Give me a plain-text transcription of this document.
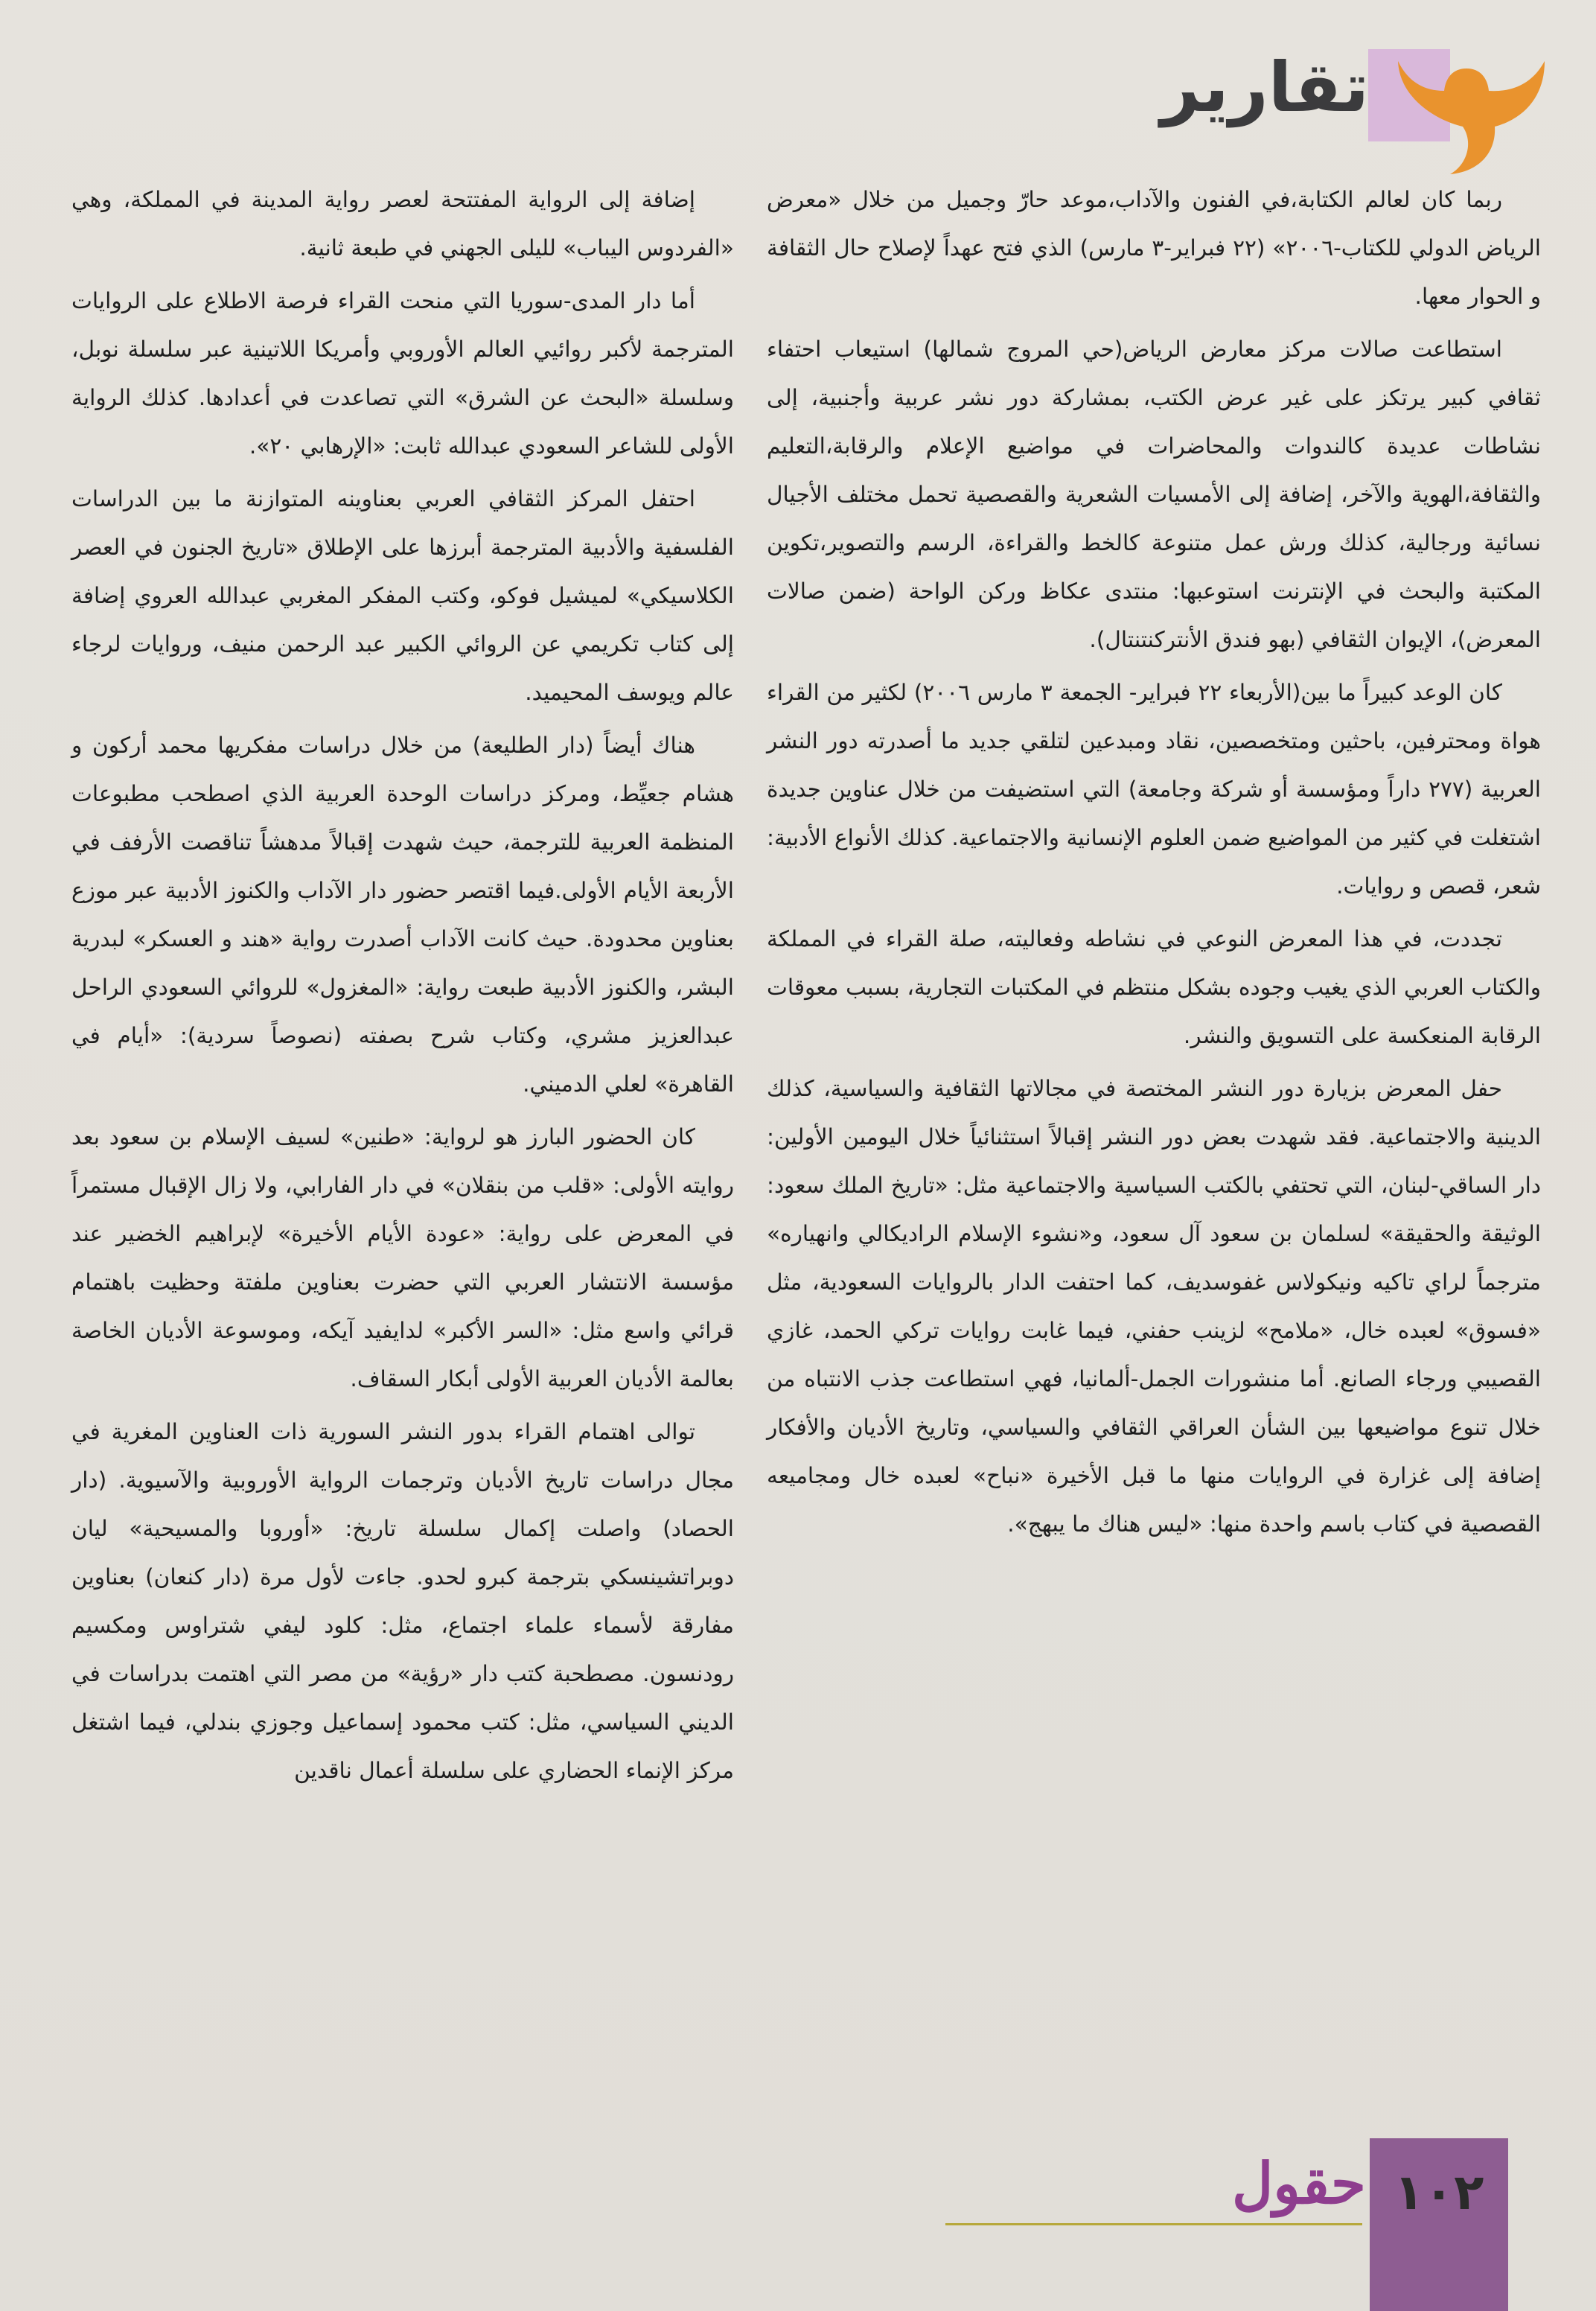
تقارير

ربما كان لعالم الكتابة،في الفنون والآداب،موعد حارّ وجميل من خلال «معرض الرياض الدولي للكتاب-٢٠٠٦» (٢٢ فبراير-٣ مارس) الذي فتح عهداً لإصلاح حال الثقافة و الحوار معها.

استطاعت صالات مركز معارض الرياض(حي المروج شمالها) استيعاب احتفاء ثقافي كبير يرتكز على غير عرض الكتب، بمشاركة دور نشر عربية وأجنبية، إلى نشاطات عديدة كالندوات والمحاضرات في مواضيع الإعلام والرقابة،التعليم والثقافة،الهوية والآخر، إضافة إلى الأمسيات الشعرية والقصصية تحمل مختلف الأجيال نسائية ورجالية، كذلك ورش عمل متنوعة كالخط والقراءة، الرسم والتصوير،تكوين المكتبة والبحث في الإنترنت استوعبها: منتدى عكاظ وركن الواحة (ضمن صالات المعرض)، الإيوان الثقافي (بهو فندق الأنتركنتنتال).

كان الوعد كبيراً ما بين(الأربعاء ٢٢ فبراير- الجمعة ٣ مارس ٢٠٠٦) لكثير من القراء هواة ومحترفين، باحثين ومتخصصين، نقاد ومبدعين لتلقي جديد ما أصدرته دور النشر العربية (٢٧٧ داراً ومؤسسة أو شركة وجامعة) التي استضيفت من خلال عناوين جديدة اشتغلت في كثير من المواضيع ضمن العلوم الإنسانية والاجتماعية. كذلك الأنواع الأدبية: شعر، قصص و روايات.

تجددت، في هذا المعرض النوعي في نشاطه وفعاليته، صلة القراء في المملكة والكتاب العربي الذي يغيب وجوده بشكل منتظم في المكتبات التجارية، بسبب معوقات الرقابة المنعكسة على التسويق والنشر.

حفل المعرض بزيارة دور النشر المختصة في مجالاتها الثقافية والسياسية، كذلك الدينية والاجتماعية. فقد شهدت بعض دور النشر إقبالاً استثنائياً خلال اليومين الأولين: دار الساقي-لبنان، التي تحتفي بالكتب السياسية والاجتماعية مثل: «تاريخ الملك سعود: الوثيقة والحقيقة» لسلمان بن سعود آل سعود، و«نشوء الإسلام الراديكالي وانهياره» مترجماً لراي تاكيه ونيكولاس غفوسديف، كما احتفت الدار بالروايات السعودية، مثل «فسوق» لعبده خال، «ملامح» لزينب حفني، فيما غابت روايات تركي الحمد، غازي القصيبي ورجاء الصانع. أما منشورات الجمل-ألمانيا، فهي استطاعت جذب الانتباه من خلال تنوع مواضيعها بين الشأن العراقي الثقافي والسياسي، وتاريخ الأديان والأفكار إضافة إلى غزارة في الروايات منها ما قبل الأخيرة «نباح» لعبده خال ومجاميعه القصصية في كتاب باسم واحدة منها: «ليس هناك ما يبهج».

إضافة إلى الرواية المفتتحة لعصر رواية المدينة في المملكة، وهي «الفردوس اليباب» لليلى الجهني في طبعة ثانية.

أما دار المدى-سوريا التي منحت القراء فرصة الاطلاع على الروايات المترجمة لأكبر روائيي العالم الأوروبي وأمريكا اللاتينية عبر سلسلة نوبل، وسلسلة «البحث عن الشرق» التي تصاعدت في أعدادها. كذلك الرواية الأولى للشاعر السعودي عبدالله ثابت: «الإرهابي ٢٠».

احتفل المركز الثقافي العربي بعناوينه المتوازنة ما بين الدراسات الفلسفية والأدبية المترجمة أبرزها على الإطلاق «تاريخ الجنون في العصر الكلاسيكي» لميشيل فوكو، وكتب المفكر المغربي عبدالله العروي إضافة إلى كتاب تكريمي عن الروائي الكبير عبد الرحمن منيف، وروايات لرجاء عالم ويوسف المحيميد.

هناك أيضاً (دار الطليعة) من خلال دراسات مفكريها محمد أركون و هشام جعيِّط، ومركز دراسات الوحدة العربية الذي اصطحب مطبوعات المنظمة العربية للترجمة، حيث شهدت إقبالاً مدهشاً تناقصت الأرفف في الأربعة الأيام الأولى.فيما اقتصر حضور دار الآداب والكنوز الأدبية عبر موزع بعناوين محدودة. حيث كانت الآداب أصدرت رواية «هند و العسكر» لبدرية البشر، والكنوز الأدبية طبعت رواية: «المغزول» للروائي السعودي الراحل عبدالعزيز مشري، وكتاب شرح بصفته (نصوصاً سردية): «أيام في القاهرة» لعلي الدميني.

كان الحضور البارز هو لرواية: «طنين» لسيف الإسلام بن سعود بعد روايته الأولى: «قلب من بنقلان» في دار الفارابي، ولا زال الإقبال مستمراً في المعرض على رواية: «عودة الأيام الأخيرة» لإبراهيم الخضير عند مؤسسة الانتشار العربي التي حضرت بعناوين ملفتة وحظيت باهتمام قرائي واسع مثل: «السر الأكبر» لدايفيد آيكه، وموسوعة الأديان الخاصة بعالمة الأديان العربية الأولى أبكار السقاف.

توالى اهتمام القراء بدور النشر السورية ذات العناوين المغرية في مجال دراسات تاريخ الأديان وترجمات الرواية الأوروبية والآسيوية. (دار الحصاد) واصلت إكمال سلسلة تاريخ: «أوروبا والمسيحية» ليان دوبراتشينسكي بترجمة كبرو لحدو. جاءت لأول مرة (دار كنعان) بعناوين مفارقة لأسماء علماء اجتماع، مثل: كلود ليفي شتراوس ومكسيم رودنسون. مصطحبة كتب دار «رؤية» من مصر التي اهتمت بدراسات في الديني السياسي، مثل: كتب محمود إسماعيل وجوزي بندلي، فيما اشتغل مركز الإنماء الحضاري على سلسلة أعمال ناقدين

حقول ١٠٢
